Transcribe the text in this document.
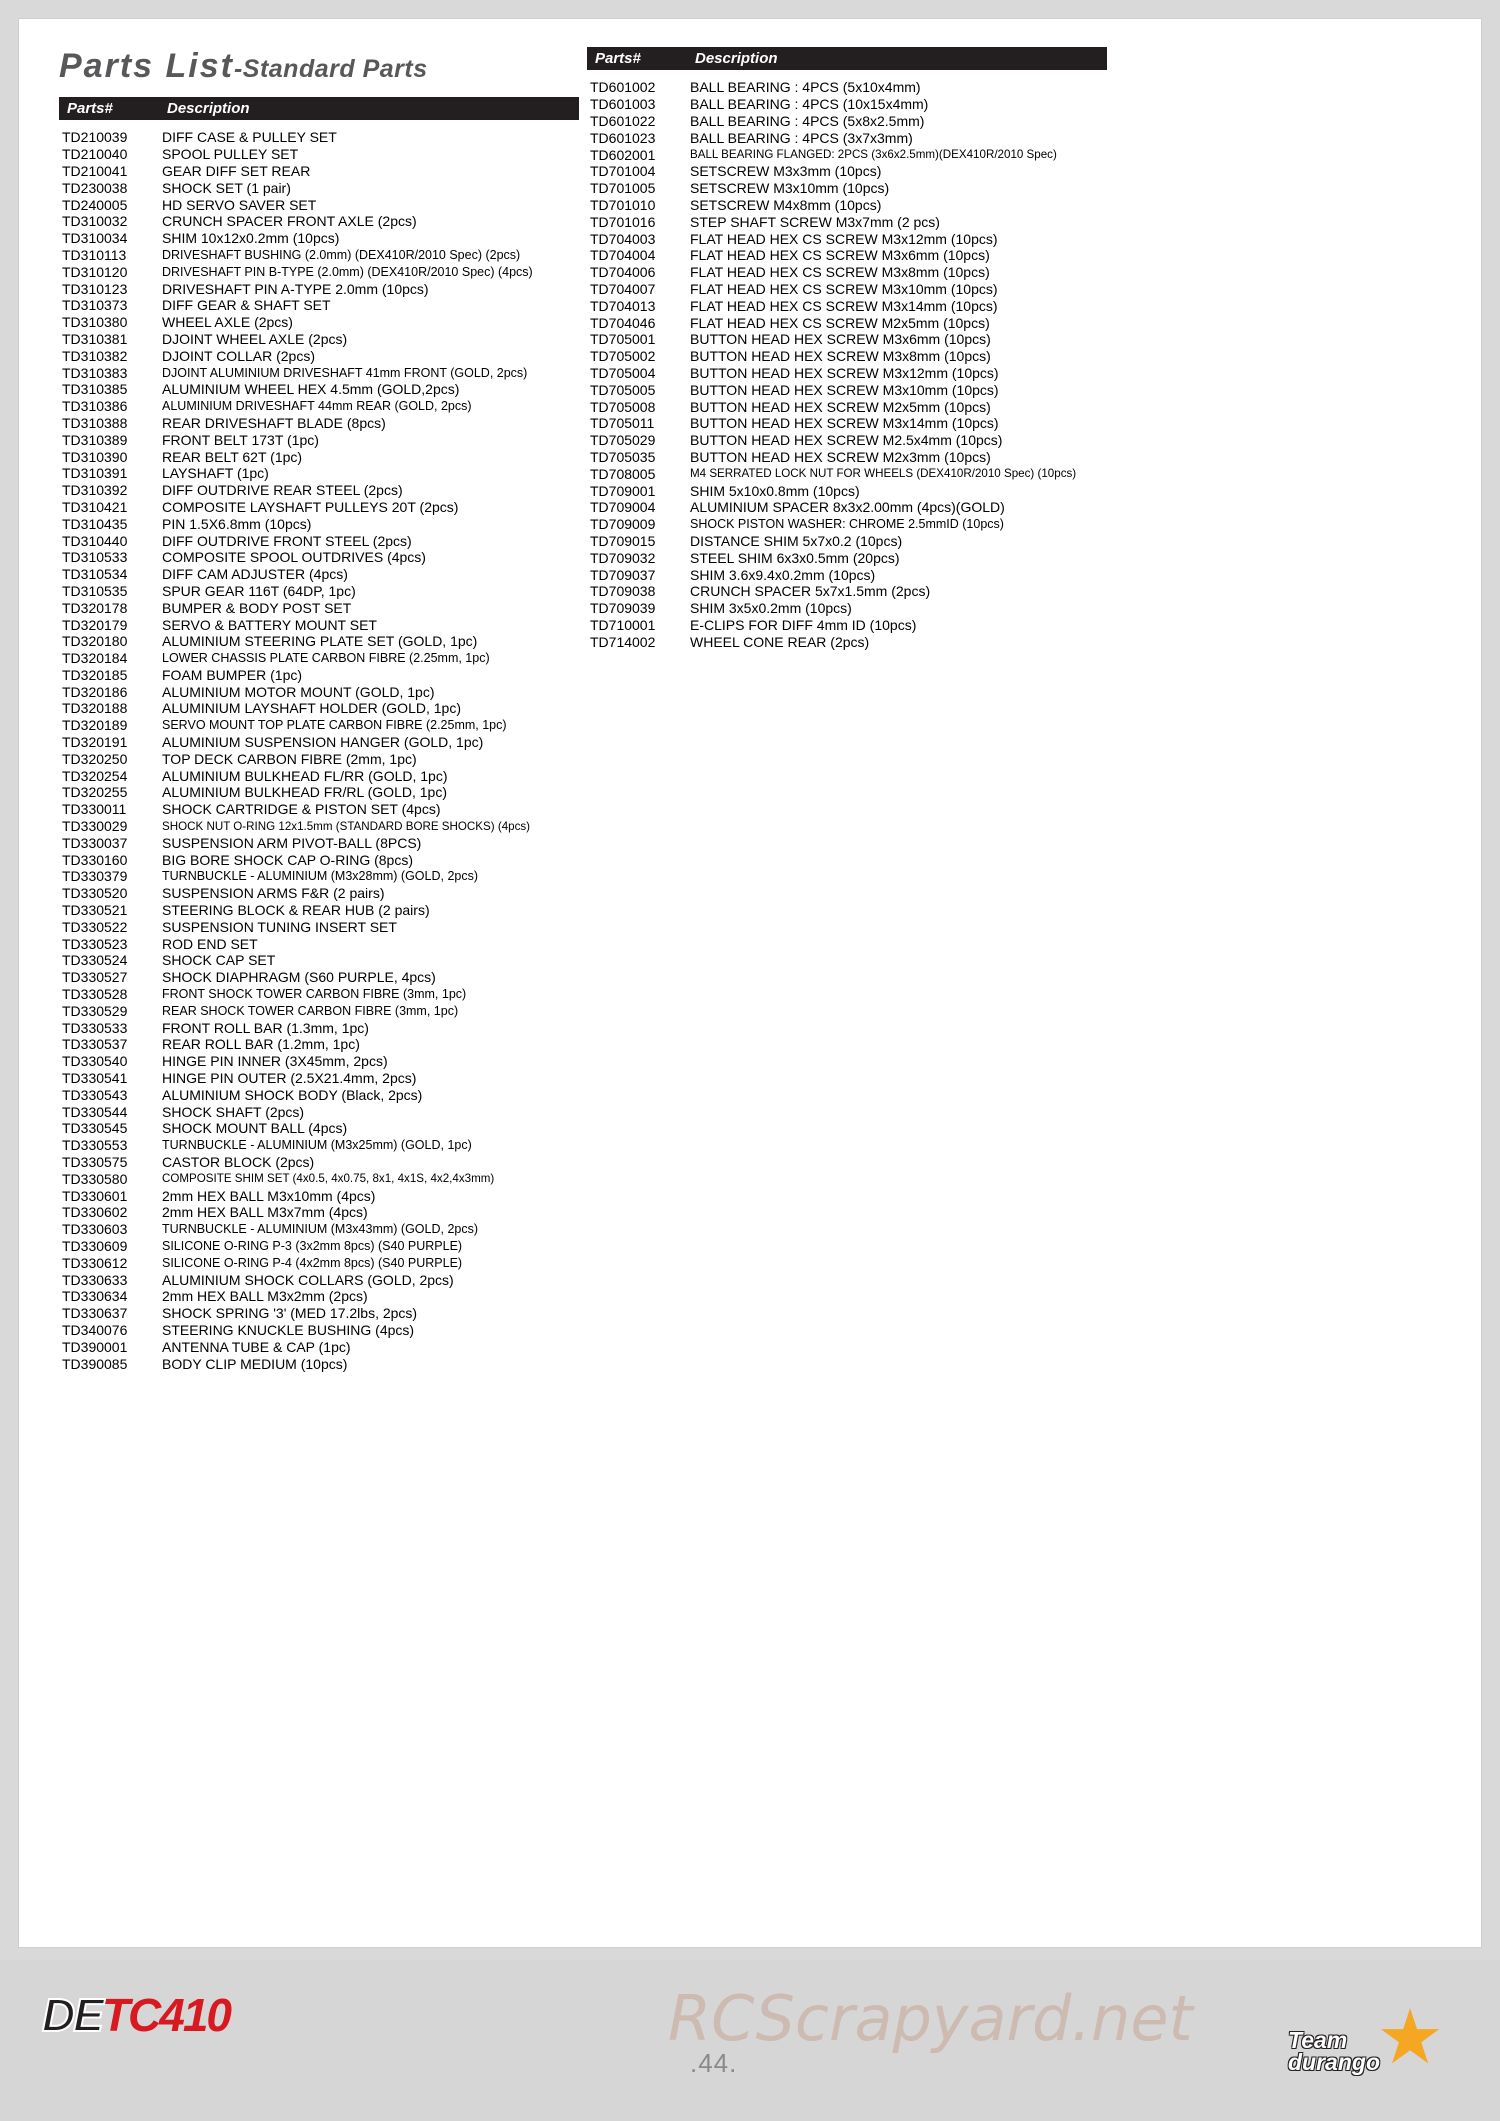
Parts List-Standard Parts
Parts#	Description
TD210039	DIFF CASE & PULLEY SET
TD210040	SPOOL PULLEY SET
TD210041	GEAR DIFF SET REAR
TD230038	SHOCK SET (1 pair)
TD240005	HD SERVO SAVER SET
TD310032	CRUNCH SPACER FRONT AXLE (2pcs)
TD310034	SHIM 10x12x0.2mm (10pcs)
TD310113	DRIVESHAFT BUSHING (2.0mm) (DEX410R/2010 Spec) (2pcs)
TD310120	DRIVESHAFT PIN B-TYPE (2.0mm) (DEX410R/2010 Spec) (4pcs)
TD310123	DRIVESHAFT PIN A-TYPE 2.0mm (10pcs)
TD310373	DIFF GEAR & SHAFT SET
TD310380	WHEEL AXLE (2pcs)
TD310381	DJOINT WHEEL AXLE (2pcs)
TD310382	DJOINT COLLAR (2pcs)
TD310383	DJOINT ALUMINIUM DRIVESHAFT 41mm FRONT (GOLD, 2pcs)
TD310385	ALUMINIUM WHEEL HEX 4.5mm (GOLD,2pcs)
TD310386	ALUMINIUM DRIVESHAFT 44mm REAR (GOLD, 2pcs)
TD310388	REAR DRIVESHAFT BLADE (8pcs)
TD310389	FRONT BELT 173T (1pc)
TD310390	REAR BELT 62T (1pc)
TD310391	LAYSHAFT (1pc)
TD310392	DIFF OUTDRIVE REAR STEEL (2pcs)
TD310421	COMPOSITE LAYSHAFT PULLEYS 20T (2pcs)
TD310435	PIN 1.5X6.8mm (10pcs)
TD310440	DIFF OUTDRIVE FRONT STEEL (2pcs)
TD310533	COMPOSITE SPOOL OUTDRIVES (4pcs)
TD310534	DIFF CAM ADJUSTER (4pcs)
TD310535	SPUR GEAR 116T (64DP, 1pc)
TD320178	BUMPER & BODY POST SET
TD320179	SERVO & BATTERY MOUNT SET
TD320180	ALUMINIUM STEERING PLATE SET (GOLD, 1pc)
TD320184	LOWER CHASSIS PLATE CARBON FIBRE (2.25mm, 1pc)
TD320185	FOAM BUMPER (1pc)
TD320186	ALUMINIUM MOTOR MOUNT (GOLD, 1pc)
TD320188	ALUMINIUM LAYSHAFT HOLDER (GOLD, 1pc)
TD320189	SERVO MOUNT TOP PLATE CARBON FIBRE (2.25mm, 1pc)
TD320191	ALUMINIUM SUSPENSION HANGER (GOLD, 1pc)
TD320250	TOP DECK CARBON FIBRE (2mm, 1pc)
TD320254	ALUMINIUM BULKHEAD FL/RR (GOLD, 1pc)
TD320255	ALUMINIUM BULKHEAD FR/RL (GOLD, 1pc)
TD330011	SHOCK CARTRIDGE & PISTON SET (4pcs)
TD330029	SHOCK NUT O-RING 12x1.5mm (STANDARD BORE SHOCKS) (4pcs)
TD330037	SUSPENSION ARM PIVOT-BALL (8PCS)
TD330160	BIG BORE SHOCK CAP O-RING (8pcs)
TD330379	TURNBUCKLE - ALUMINIUM (M3x28mm) (GOLD, 2pcs)
TD330520	SUSPENSION ARMS F&R (2 pairs)
TD330521	STEERING BLOCK & REAR HUB (2 pairs)
TD330522	SUSPENSION TUNING INSERT SET
TD330523	ROD END SET
TD330524	SHOCK CAP SET
TD330527	SHOCK DIAPHRAGM (S60 PURPLE, 4pcs)
TD330528	FRONT SHOCK TOWER CARBON FIBRE (3mm, 1pc)
TD330529	REAR SHOCK TOWER CARBON FIBRE (3mm, 1pc)
TD330533	FRONT ROLL BAR (1.3mm, 1pc)
TD330537	REAR ROLL BAR (1.2mm, 1pc)
TD330540	HINGE PIN INNER (3X45mm, 2pcs)
TD330541	HINGE PIN OUTER (2.5X21.4mm, 2pcs)
TD330543	ALUMINIUM SHOCK BODY (Black, 2pcs)
TD330544	SHOCK SHAFT (2pcs)
TD330545	SHOCK MOUNT BALL (4pcs)
TD330553	TURNBUCKLE - ALUMINIUM (M3x25mm) (GOLD, 1pc)
TD330575	CASTOR BLOCK (2pcs)
TD330580	COMPOSITE SHIM SET (4x0.5, 4x0.75, 8x1, 4x1S, 4x2,4x3mm)
TD330601	2mm HEX BALL M3x10mm (4pcs)
TD330602	2mm HEX BALL M3x7mm (4pcs)
TD330603	TURNBUCKLE - ALUMINIUM (M3x43mm) (GOLD, 2pcs)
TD330609	SILICONE O-RING P-3 (3x2mm 8pcs) (S40 PURPLE)
TD330612	SILICONE O-RING P-4 (4x2mm 8pcs) (S40 PURPLE)
TD330633	ALUMINIUM SHOCK COLLARS (GOLD, 2pcs)
TD330634	2mm HEX BALL M3x2mm (2pcs)
TD330637	SHOCK SPRING '3' (MED 17.2lbs, 2pcs)
TD340076	STEERING KNUCKLE BUSHING (4pcs)
TD390001	ANTENNA TUBE & CAP (1pc)
TD390085	BODY CLIP MEDIUM (10pcs)
Parts#	Description
TD601002	BALL BEARING : 4PCS (5x10x4mm)
TD601003	BALL BEARING : 4PCS (10x15x4mm)
TD601022	BALL BEARING : 4PCS (5x8x2.5mm)
TD601023	BALL BEARING : 4PCS (3x7x3mm)
TD602001	BALL BEARING FLANGED: 2PCS (3x6x2.5mm)(DEX410R/2010 Spec)
TD701004	SETSCREW M3x3mm (10pcs)
TD701005	SETSCREW M3x10mm (10pcs)
TD701010	SETSCREW M4x8mm (10pcs)
TD701016	STEP SHAFT SCREW M3x7mm (2 pcs)
TD704003	FLAT HEAD HEX CS SCREW M3x12mm (10pcs)
TD704004	FLAT HEAD HEX CS SCREW M3x6mm (10pcs)
TD704006	FLAT HEAD HEX CS SCREW M3x8mm (10pcs)
TD704007	FLAT HEAD HEX CS SCREW M3x10mm (10pcs)
TD704013	FLAT HEAD HEX CS SCREW M3x14mm (10pcs)
TD704046	FLAT HEAD HEX CS SCREW M2x5mm (10pcs)
TD705001	BUTTON HEAD HEX SCREW M3x6mm (10pcs)
TD705002	BUTTON HEAD HEX SCREW M3x8mm (10pcs)
TD705004	BUTTON HEAD HEX SCREW M3x12mm (10pcs)
TD705005	BUTTON HEAD HEX SCREW M3x10mm (10pcs)
TD705008	BUTTON HEAD HEX SCREW M2x5mm (10pcs)
TD705011	BUTTON HEAD HEX SCREW M3x14mm (10pcs)
TD705029	BUTTON HEAD HEX SCREW M2.5x4mm (10pcs)
TD705035	BUTTON HEAD HEX SCREW M2x3mm (10pcs)
TD708005	M4 SERRATED LOCK NUT FOR WHEELS (DEX410R/2010 Spec) (10pcs)
TD709001	SHIM 5x10x0.8mm (10pcs)
TD709004	ALUMINIUM SPACER 8x3x2.00mm (4pcs)(GOLD)
TD709009	SHOCK PISTON WASHER: CHROME 2.5mmID (10pcs)
TD709015	DISTANCE SHIM 5x7x0.2 (10pcs)
TD709032	STEEL SHIM 6x3x0.5mm (20pcs)
TD709037	SHIM 3.6x9.4x0.2mm (10pcs)
TD709038	CRUNCH SPACER 5x7x1.5mm (2pcs)
TD709039	SHIM 3x5x0.2mm (10pcs)
TD710001	E-CLIPS FOR DIFF 4mm ID (10pcs)
TD714002	WHEEL CONE REAR (2pcs)
DETC410
.44.
RCScrapyard.net ★
Team
durango
